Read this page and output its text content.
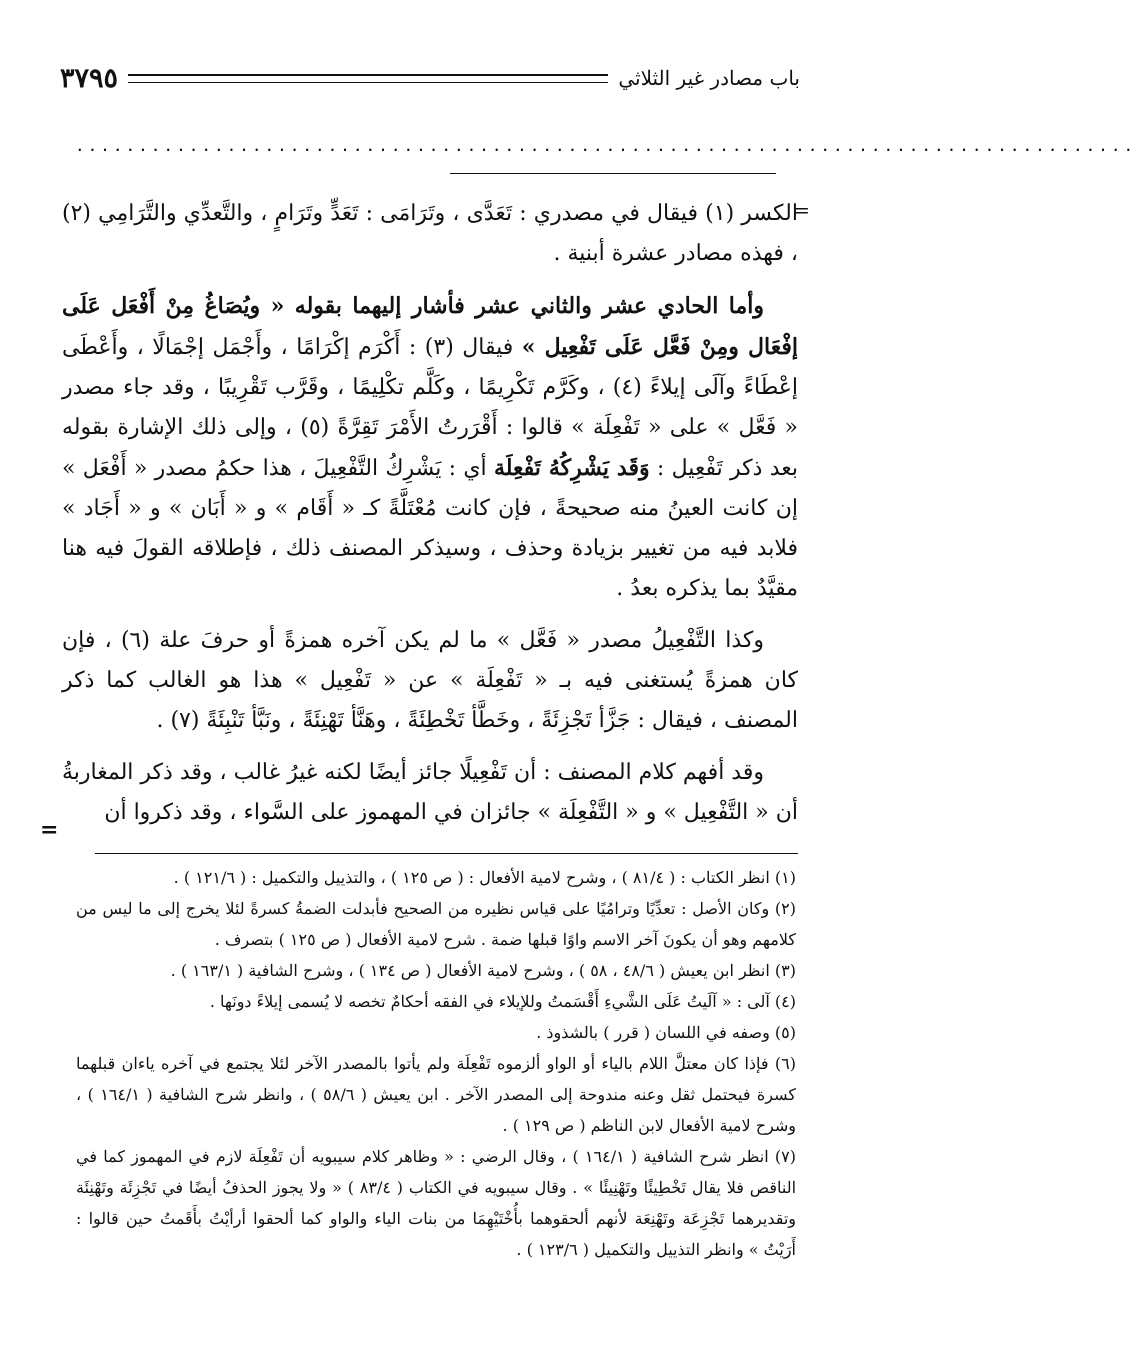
باب مصادر غير الثلاثي
٣٧٩٥
....................................................................................
=

الكسر (١) فيقال في مصدري : تَعَدَّى ، وتَرَامَى : تَعَدٍّ وتَرَامٍ ، والتَّعدِّي والتَّرَامِي (٢) ، فهذه مصادر عشرة أبنية .

وأما الحادي عشر والثاني عشر فأشار إليهما بقوله « ويُصَاغُ مِنْ أَفْعَل عَلَى إفْعَال ومِنْ فَعَّل عَلَى تَفْعِيل » فيقال (٣) : أَكْرَم إكْرَامًا ، وأَجْمَل إجْمَالًا ، وأَعْطَى إعْطَاءً وآلَى إيلاءً (٤) ، وكَرَّم تَكْرِيمًا ، وكَلَّم تكْلِيمًا ، وقَرَّب تَقْرِيبًا ، وقد جاء مصدر « فَعَّل » على « تَفْعِلَة » قالوا : أَقْرَرتُ الأَمْرَ تَقِرَّةً (٥) ، وإلى ذلك الإشارة بقوله بعد ذكر تَفْعِيل : وَقَد يَشْرِكُهُ تَفْعِلَة أي : يَشْرِكُ التَّفْعِيلَ ، هذا حكمُ مصدر « أَفْعَل » إن كانت العينُ منه صحيحةً ، فإن كانت مُعْتَلَّةً كـ « أَقَام » و « أَبَان » و « أَجَاد » فلابد فيه من تغيير بزيادة وحذف ، وسيذكر المصنف ذلك ، فإطلاقه القولَ فيه هنا مقيَّدٌ بما يذكره بعدُ .

وكذا التَّفْعِيلُ مصدر « فَعَّل » ما لم يكن آخره همزةً أو حرفَ علة (٦) ، فإن كان همزةً يُستغنى فيه بـ « تَفْعِلَة » عن « تَفْعِيل » هذا هو الغالب كما ذكر المصنف ، فيقال : جَزَّأ تَجْزِئَةً ، وخَطَّأ تَخْطِئَةً ، وهَنَّأ تَهْنِئَةً ، ونَبَّأ تَنْبِئَةً (٧) .

وقد أفهم كلام المصنف : أن تَفْعِيلًا جائز أيضًا لكنه غيرُ غالب ، وقد ذكر المغاربةُ أن « التَّفْعِيل » و « التَّفْعِلَة » جائزان في المهموز على السَّواء ، وقد ذكروا أن

=

(١) انظر الكتاب : ( ٨١/٤ ) ، وشرح لامية الأفعال : ( ص ١٢٥ ) ، والتذييل والتكميل : ( ١٢١/٦ ) .

(٢) وكان الأصل : تعدِّيًا وترامُيًا على قياس نظيره من الصحيح فأبدلت الضمةُ كسرةً لئلا يخرج إلى ما ليس من كلامهم وهو أن يكونَ آخر الاسم واوًا قبلها ضمة . شرح لامية الأفعال ( ص ١٢٥ ) بتصرف .

(٣) انظر ابن يعيش ( ٤٨/٦ ، ٥٨ ) ، وشرح لامية الأفعال ( ص ١٣٤ ) ، وشرح الشافية ( ١٦٣/١ ) .

(٤) آلى : « آلَيتُ عَلَى الشَّيءِ أَقْسَمتُ وللإيلاء في الفقه أحكامٌ تخصه لا يُسمى إيلاءً دونَها .

(٥) وصفه في اللسان ( قرر ) بالشذوذ .

(٦) فإذا كان معتلَّ اللام بالياء أو الواو ألزموه تَفْعِلَة ولم يأتوا بالمصدر الآخر لئلا يجتمع في آخره ياءان قبلهما كسرة فيحتمل ثقل وعنه مندوحة إلى المصدر الآخر . ابن يعيش ( ٥٨/٦ ) ، وانظر شرح الشافية ( ١٦٤/١ ) ، وشرح لامية الأفعال لابن الناظم ( ص ١٢٩ ) .

(٧) انظر شرح الشافية ( ١٦٤/١ ) ، وقال الرضي : « وظاهر كلام سيبويه أن تَفْعِلَة لازم في المهموز كما في الناقص فلا يقال تَخْطِيئًا وتَهْنِيئًا » . وقال سيبويه في الكتاب ( ٨٣/٤ ) « ولا يجوز الحذفُ أيضًا في تَجْزِئَة وتَهْنِئَة وتقديرهما تَجْزِعَة وتَهْنِعَة لأنهم ألحقوهما بأُخْتَيْهِمَا من بنات الياء والواو كما ألحقوا أرأيْتُ بأَقَمتُ حين قالوا : أَرَيْتُ » وانظر التذييل والتكميل ( ١٢٣/٦ ) .
